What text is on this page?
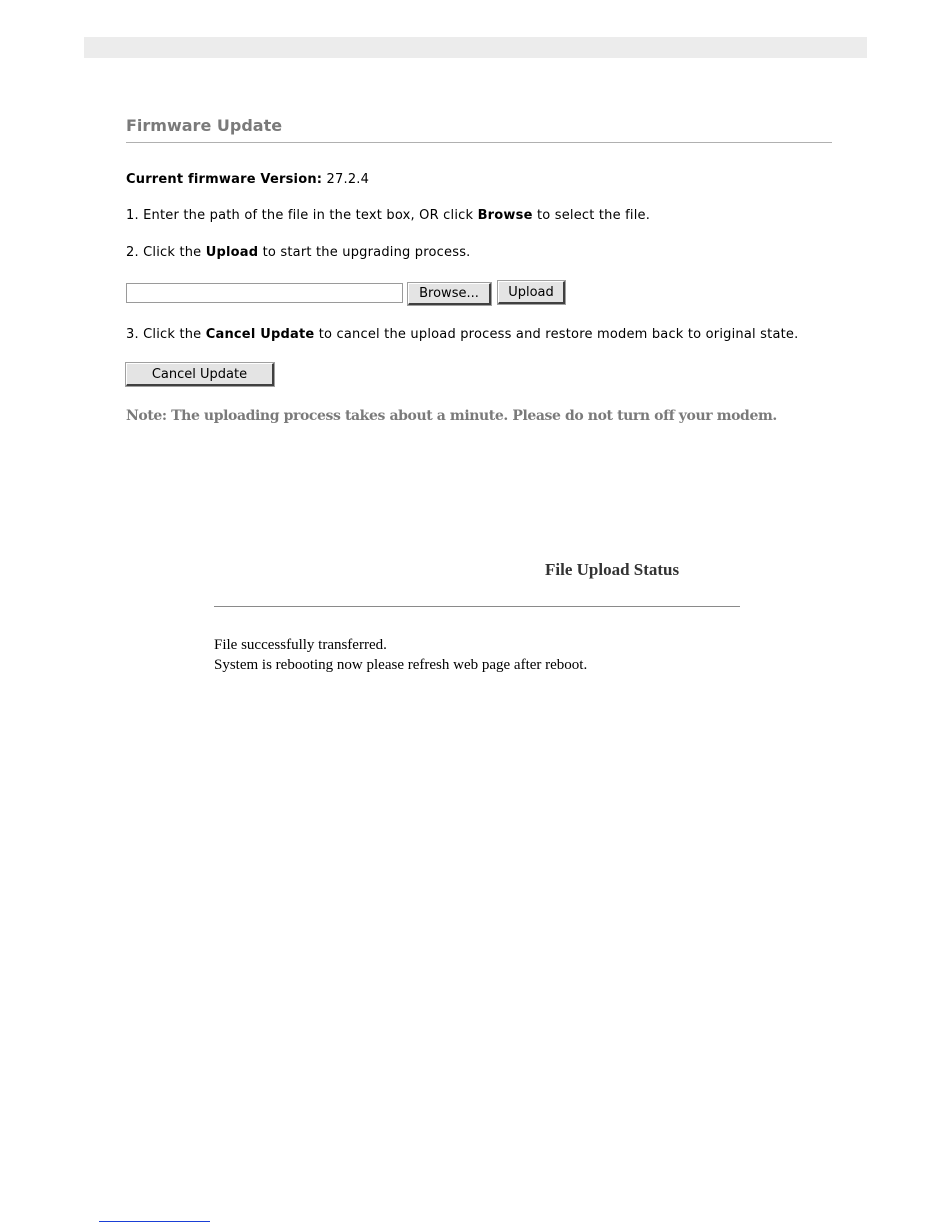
Firmware Update
Current firmware Version: 27.2.4
1. Enter the path of the file in the text box, OR click Browse to select the file.
2. Click the Upload to start the upgrading process.
Browse...	Upload
3. Click the Cancel Update to cancel the upload process and restore modem back to original state.
Cancel Update
Note: The uploading process takes about a minute. Please do not turn off your modem.
File Upload Status
File successfully transferred.
System is rebooting now please refresh web page after reboot.
